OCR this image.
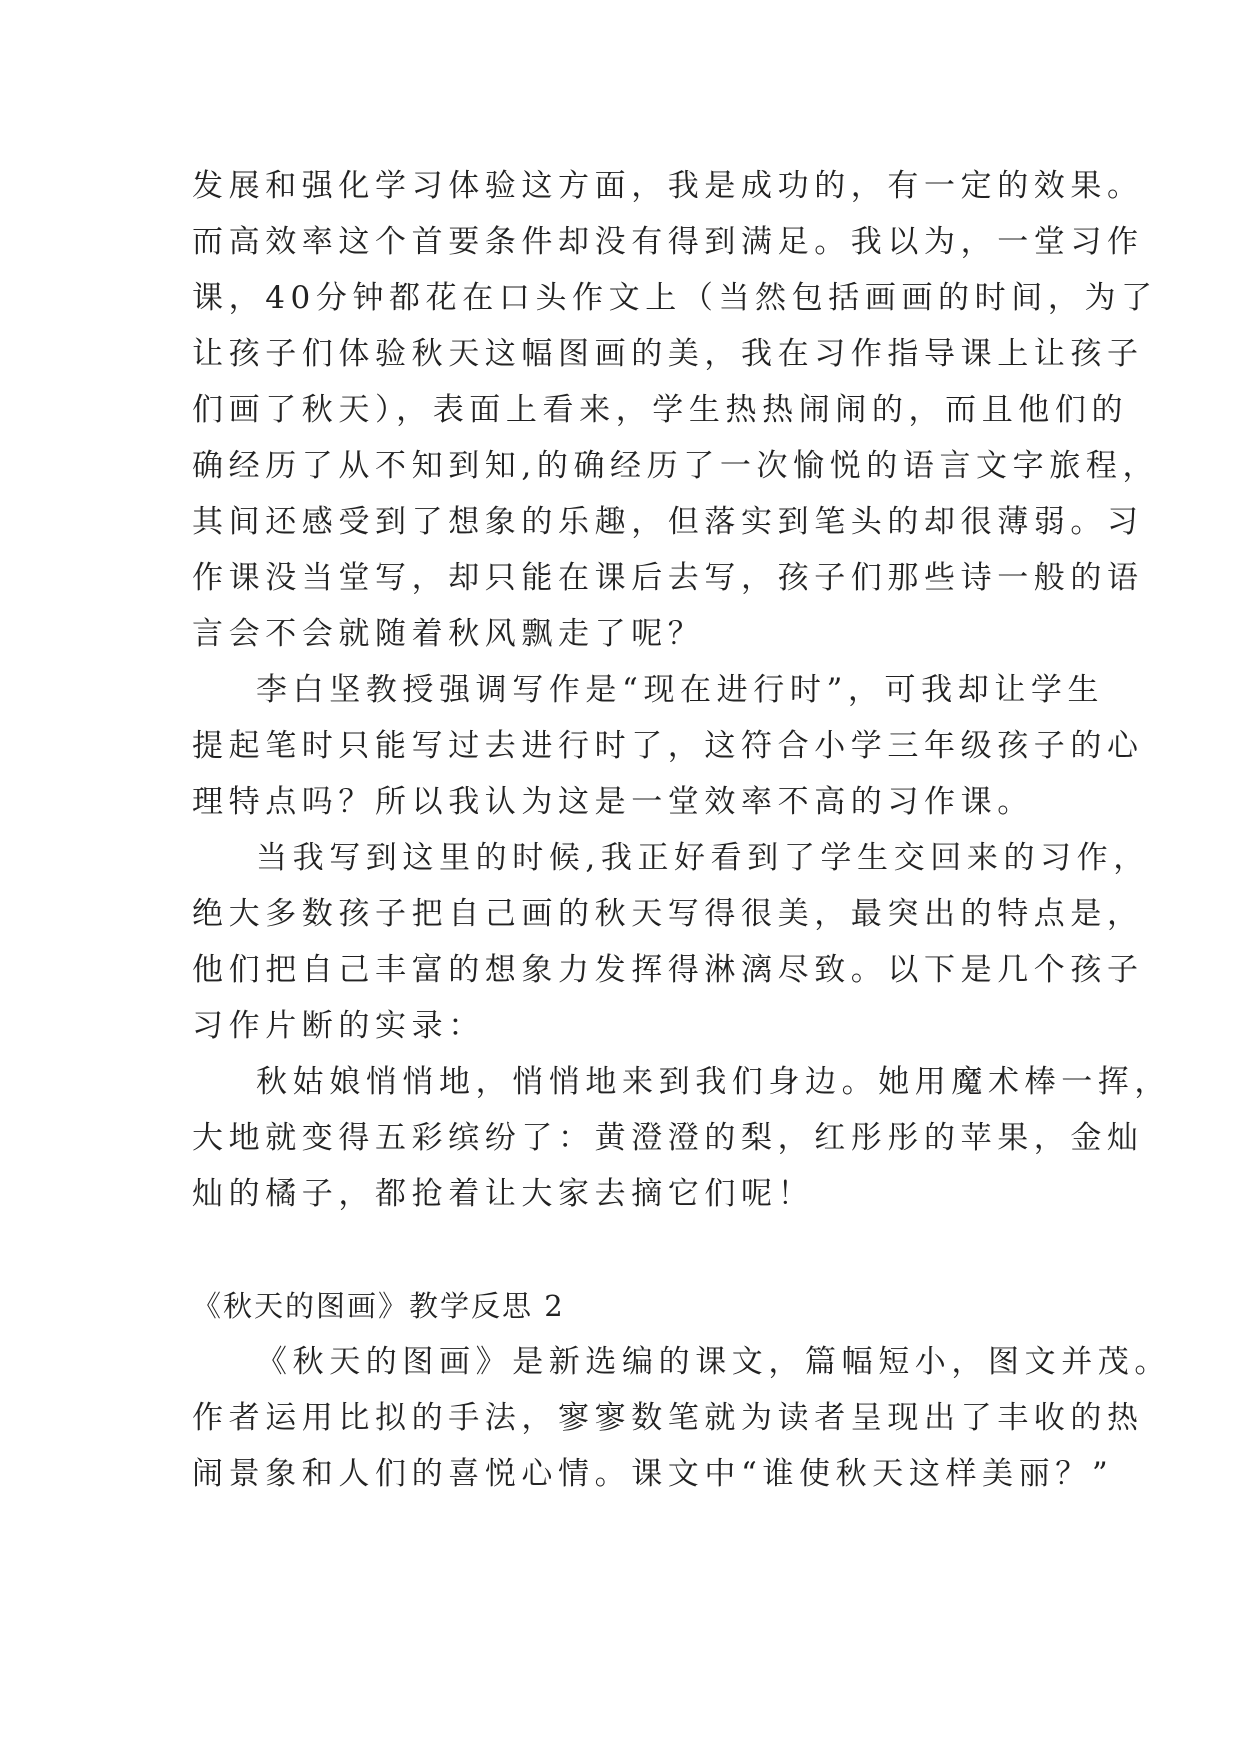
发展和强化学习体验这方面，我是成功的，有一定的效果。
而高效率这个首要条件却没有得到满足。我以为，一堂习作
课，40分钟都花在口头作文上（当然包括画画的时间，为了
让孩子们体验秋天这幅图画的美，我在习作指导课上让孩子
们画了秋天），表面上看来，学生热热闹闹的，而且他们的
确经历了从不知到知,的确经历了一次愉悦的语言文字旅程，
其间还感受到了想象的乐趣，但落实到笔头的却很薄弱。习
作课没当堂写，却只能在课后去写，孩子们那些诗一般的语
言会不会就随着秋风飘走了呢？
李白坚教授强调写作是“现在进行时”，可我却让学生
提起笔时只能写过去进行时了，这符合小学三年级孩子的心
理特点吗？所以我认为这是一堂效率不高的习作课。
当我写到这里的时候,我正好看到了学生交回来的习作，
绝大多数孩子把自己画的秋天写得很美，最突出的特点是，
他们把自己丰富的想象力发挥得淋漓尽致。以下是几个孩子
习作片断的实录：
秋姑娘悄悄地，悄悄地来到我们身边。她用魔术棒一挥，
大地就变得五彩缤纷了：黄澄澄的梨，红彤彤的苹果，金灿
灿的橘子，都抢着让大家去摘它们呢！
《秋天的图画》教学反思 2
《秋天的图画》是新选编的课文，篇幅短小，图文并茂。
作者运用比拟的手法，寥寥数笔就为读者呈现出了丰收的热
闹景象和人们的喜悦心情。课文中“谁使秋天这样美丽？”
